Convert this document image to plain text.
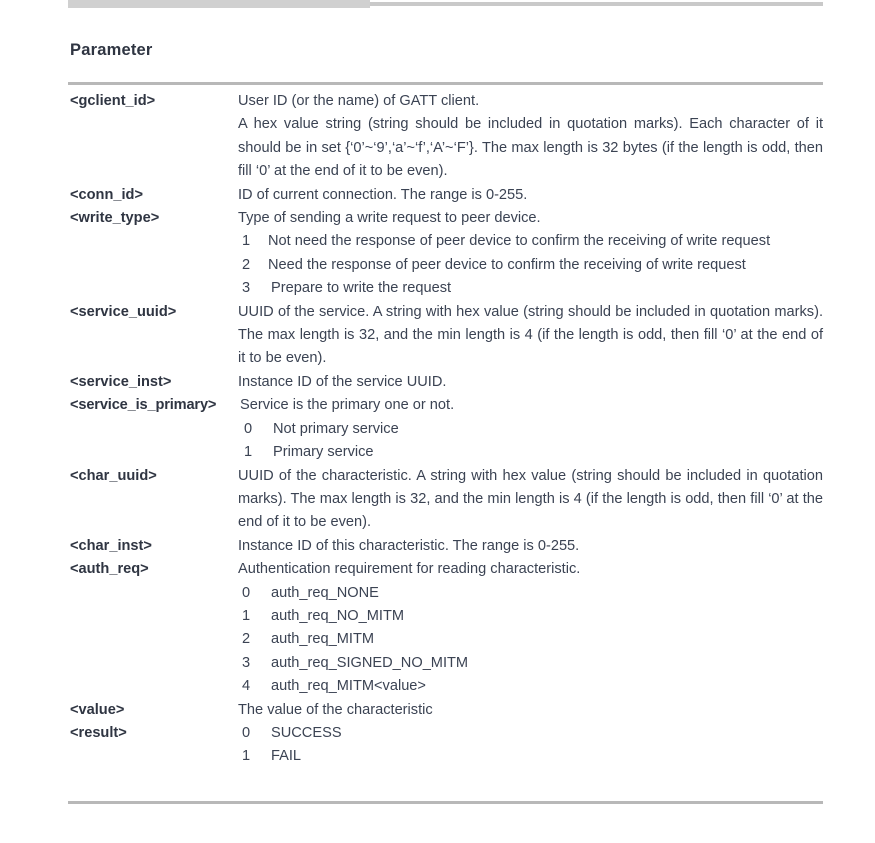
Parameter
<gclient_id>	User ID (or the name) of GATT client.

A hex value string (string should be included in quotation marks). Each character of it should be in set {‘0’~‘9’,‘a’~‘f’,‘A’~‘F’}. The max length is 32 bytes (if the length is odd, then fill ‘0’ at the end of it to be even).

<conn_id>	ID of current connection. The range is 0-255.

<write_type>	Type of sending a write request to peer device.

1	Not need the response of peer device to confirm the receiving of write request
2	Need the response of peer device to confirm the receiving of write request
3	Prepare to write the request
<service_uuid>	UUID of the service. A string with hex value (string should be included in quotation marks). The max length is 32, and the min length is 4 (if the length is odd, then fill ‘0’ at the end of it to be even).

<service_inst>	Instance ID of the service UUID.

<service_is_primary>	Service is the primary one or not.

0	Not primary service
1	Primary service
<char_uuid>	UUID of the characteristic. A string with hex value (string should be included in quotation marks). The max length is 32, and the min length is 4 (if the length is odd, then fill ‘0’ at the end of it to be even).

<char_inst>	Instance ID of this characteristic. The range is 0-255.

<auth_req>	Authentication requirement for reading characteristic.

0	auth_req_NONE
1	auth_req_NO_MITM
2	auth_req_MITM
3	auth_req_SIGNED_NO_MITM
4	auth_req_MITM<value>
<value>	The value of the characteristic

<result>	0	SUCCESS
1	FAIL
